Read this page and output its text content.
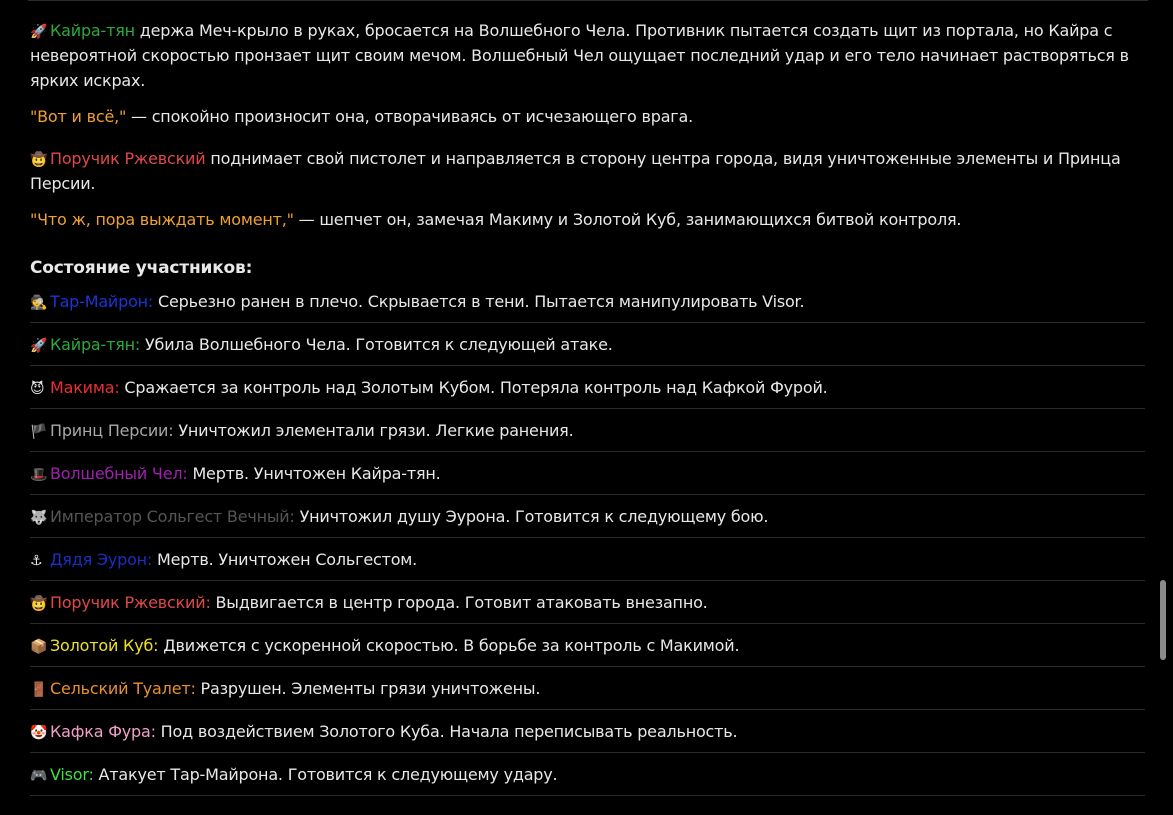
🚀 Кайра-тян держа Меч-крыло в руках, бросается на Волшебного Чела. Противник пытается создать щит из портала, но Кайра с невероятной скоростью пронзает щит своим мечом. Волшебный Чел ощущает последний удар и его тело начинает растворяться в ярких искрах.

"Вот и всё," — спокойно произносит она, отворачиваясь от исчезающего врага.

🤠 Поручик Ржевский поднимает свой пистолет и направляется в сторону центра города, видя уничтоженные элементы и Принца Персии.

"Что ж, пора выждать момент," — шепчет он, замечая Макиму и Золотой Куб, занимающихся битвой контроля.

Состояние участников:
🕵 Тар-Майрон: Серьезно ранен в плечо. Скрывается в тени. Пытается манипулировать Visor.
🚀 Кайра-тян: Убила Волшебного Чела. Готовится к следующей атаке.
😈 Макима: Сражается за контроль над Золотым Кубом. Потеряла контроль над Кафкой Фурой.
🏴 Принц Персии: Уничтожил элементали грязи. Легкие ранения.
🎩 Волшебный Чел: Мертв. Уничтожен Кайра-тян.
🐺 Император Сольгест Вечный: Уничтожил душу Эурона. Готовится к следующему бою.
⚓ Дядя Эурон: Мертв. Уничтожен Сольгестом.
🤠 Поручик Ржевский: Выдвигается в центр города. Готовит атаковать внезапно.
📦 Золотой Куб: Движется с ускоренной скоростью. В борьбе за контроль с Макимой.
🚪 Сельский Туалет: Разрушен. Элементы грязи уничтожены.
🤡 Кафка Фура: Под воздействием Золотого Куба. Начала переписывать реальность.
🎮 Visor: Атакует Тар-Майрона. Готовится к следующему удару.
